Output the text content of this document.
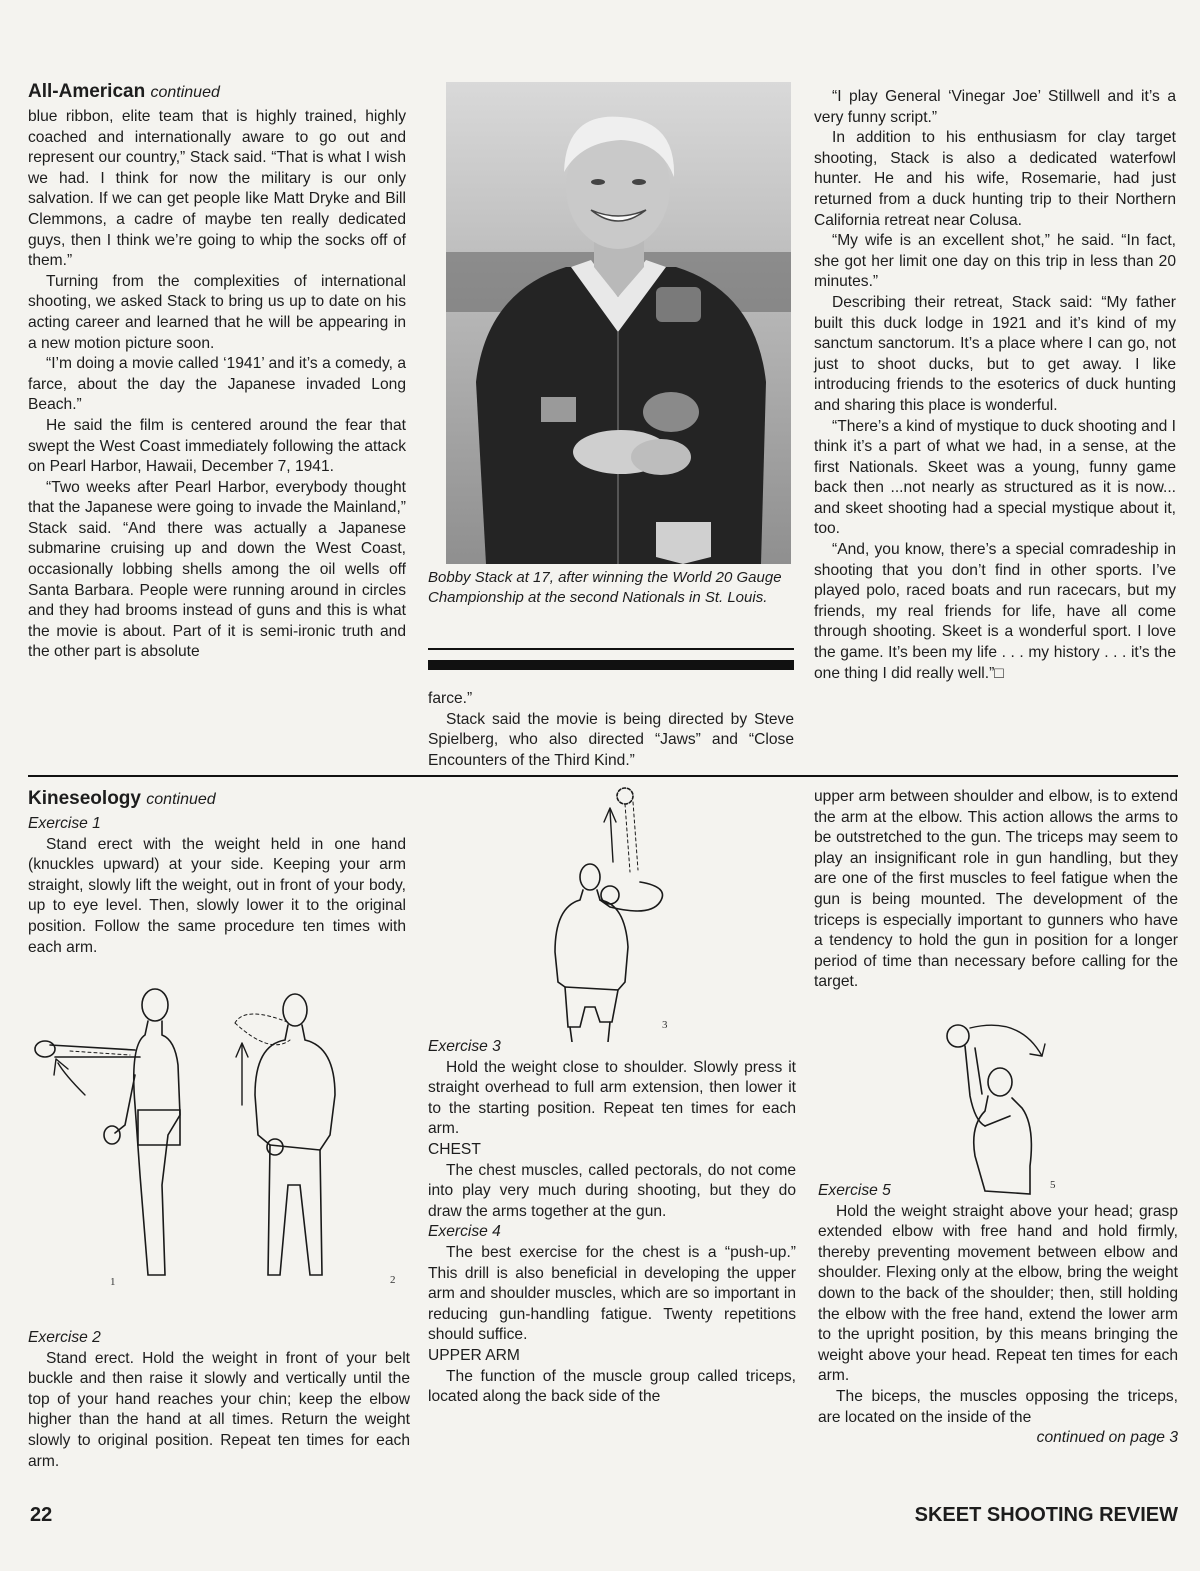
All-American continued

blue ribbon, elite team that is highly trained, highly coached and internationally aware to go out and represent our country,” Stack said. “That is what I wish we had. I think for now the military is our only salvation. If we can get people like Matt Dryke and Bill Clemmons, a cadre of maybe ten really dedicated guys, then I think we’re going to whip the socks off of them.”

Turning from the complexities of international shooting, we asked Stack to bring us up to date on his acting career and learned that he will be appearing in a new motion picture soon.

“I’m doing a movie called ‘1941’ and it’s a comedy, a farce, about the day the Japanese invaded Long Beach.”

He said the film is centered around the fear that swept the West Coast immediately following the attack on Pearl Harbor, Hawaii, December 7, 1941.

“Two weeks after Pearl Harbor, everybody thought that the Japanese were going to invade the Mainland,” Stack said. “And there was actually a Japanese submarine cruising up and down the West Coast, occasionally lobbing shells among the oil wells off Santa Barbara. People were running around in circles and they had brooms instead of guns and this is what the movie is about. Part of it is semi-ironic truth and the other part is absolute

Bobby Stack at 17, after winning the World 20 Gauge Championship at the second Nationals in St. Louis.

farce.”

Stack said the movie is being directed by Steve Spielberg, who also directed “Jaws” and “Close Encounters of the Third Kind.”

“I play General ‘Vinegar Joe’ Stillwell and it’s a very funny script.”

In addition to his enthusiasm for clay target shooting, Stack is also a dedicated waterfowl hunter. He and his wife, Rosemarie, had just returned from a duck hunting trip to their Northern California retreat near Colusa.

“My wife is an excellent shot,” he said. “In fact, she got her limit one day on this trip in less than 20 minutes.”

Describing their retreat, Stack said: “My father built this duck lodge in 1921 and it’s kind of my sanctum sanctorum. It’s a place where I can go, not just to shoot ducks, but to get away. I like introducing friends to the esoterics of duck hunting and sharing this place is wonderful.

“There’s a kind of mystique to duck shooting and I think it’s a part of what we had, in a sense, at the first Nationals. Skeet was a young, funny game back then ...not nearly as structured as it is now... and skeet shooting had a special mystique about it, too.

“And, you know, there’s a special comradeship in shooting that you don’t find in other sports. I’ve played polo, raced boats and run racecars, but my friends, my real friends for life, have all come through shooting. Skeet is a wonderful sport. I love the game. It’s been my life . . . my history . . . it’s the one thing I did really well.”□

Kineseology continued

Exercise 1

Stand erect with the weight held in one hand (knuckles upward) at your side. Keeping your arm straight, slowly lift the weight, out in front of your body, up to eye level. Then, slowly lower it to the original position. Follow the same procedure ten times with each arm.

1	2

Exercise 2

Stand erect. Hold the weight in front of your belt buckle and then raise it slowly and vertically until the top of your hand reaches your chin; keep the elbow higher than the hand at all times. Return the weight slowly to original position. Repeat ten times for each arm.

3

Exercise 3

Hold the weight close to shoulder. Slowly press it straight overhead to full arm extension, then lower it to the starting position. Repeat ten times for each arm.

CHEST

The chest muscles, called pectorals, do not come into play very much during shooting, but they do draw the arms together at the gun.

Exercise 4

The best exercise for the chest is a “push-up.” This drill is also beneficial in developing the upper arm and shoulder muscles, which are so important in reducing gun-handling fatigue. Twenty repetitions should suffice.

UPPER ARM

The function of the muscle group called triceps, located along the back side of the

upper arm between shoulder and elbow, is to extend the arm at the elbow. This action allows the arms to be outstretched to the gun. The triceps may seem to play an insignificant role in gun handling, but they are one of the first muscles to feel fatigue when the gun is being mounted. The development of the triceps is especially important to gunners who have a tendency to hold the gun in position for a longer period of time than necessary before calling for the target.

5

Exercise 5

Hold the weight straight above your head; grasp extended elbow with free hand and hold firmly, thereby preventing movement between elbow and shoulder. Flexing only at the elbow, bring the weight down to the back of the shoulder; then, still holding the elbow with the free hand, extend the lower arm to the upright position, by this means bringing the weight above your head. Repeat ten times for each arm.

The biceps, the muscles opposing the triceps, are located on the inside of the

continued on page 3

22	SKEET SHOOTING REVIEW
